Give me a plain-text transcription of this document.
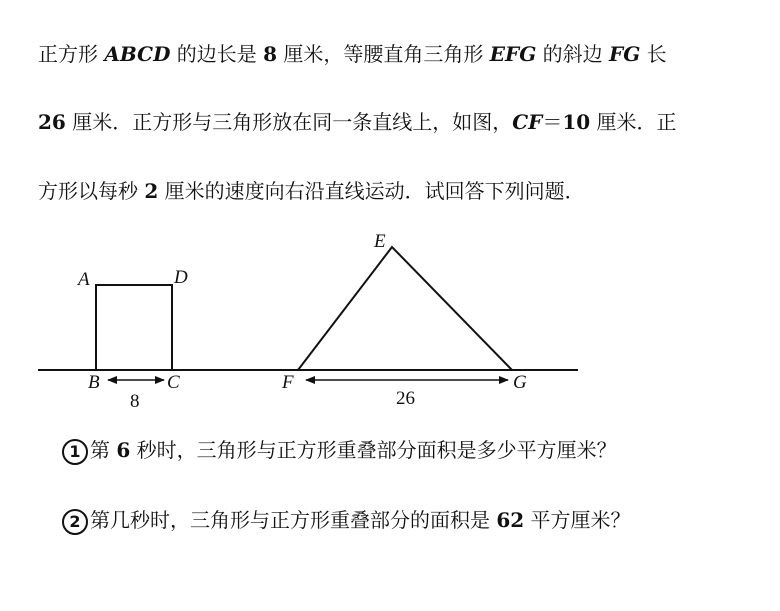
正方形 ABCD 的边长是 8 厘米，等腰直角三角形 EFG 的斜边 FG 长
26 厘米．正方形与三角形放在同一条直线上，如图，CF＝10 厘米．正
方形以每秒 2 厘米的速度向右沿直线运动．试回答下列问题．
A	D
B	C
E
F	G
8	26
1 第 6 秒时，三角形与正方形重叠部分面积是多少平方厘米？
2 第几秒时，三角形与正方形重叠部分的面积是 62 平方厘米？
